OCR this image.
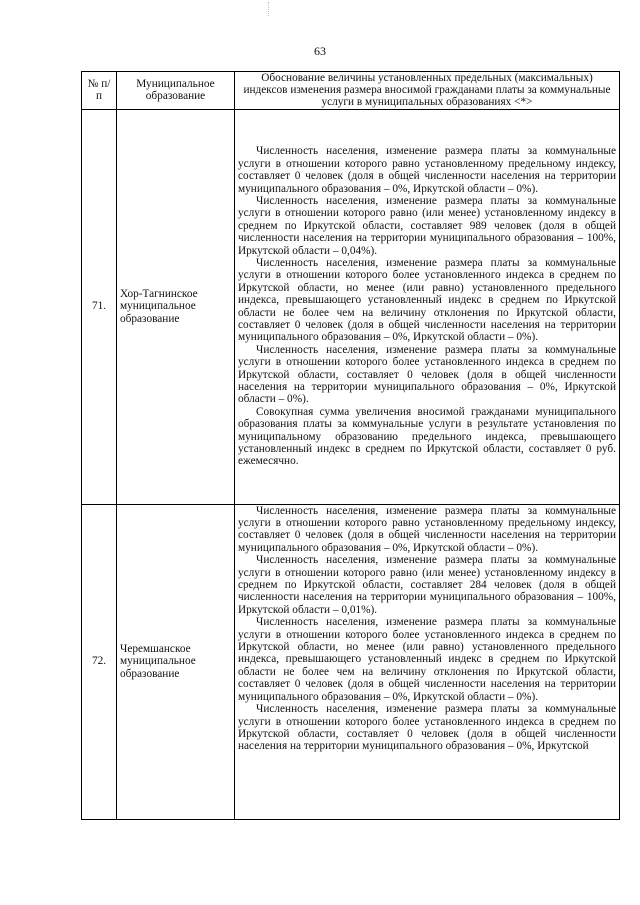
63
№ п/п	Муниципальное образование	Обоснование величины установленных предельных (максимальных) индексов изменения размера вносимой гражданами платы за коммунальные услуги в муниципальных образованиях <*>
71.	Хор-Тагнинское муниципальное образование	Численность населения, изменение размера платы за коммунальные услуги в отношении которого равно установленному предельному индексу, составляет 0 человек (доля в общей численности населения на территории муниципального образования – 0%, Иркутской области – 0%).

Численность населения, изменение размера платы за коммунальные услуги в отношении которого равно (или менее) установленному индексу в среднем по Иркутской области, составляет 989 человек (доля в общей численности населения на территории муниципального образования – 100%, Иркутской области – 0,04%).

Численность населения, изменение размера платы за коммунальные услуги в отношении которого более установленного индекса в среднем по Иркутской области, но менее (или равно) установленного предельного индекса, превышающего установленный индекс в среднем по Иркутской области не более чем на величину отклонения по Иркутской области, составляет 0 человек (доля в общей численности населения на территории муниципального образования – 0%, Иркутской области – 0%).

Численность населения, изменение размера платы за коммунальные услуги в отношении которого более установленного индекса в среднем по Иркутской области, составляет 0 человек (доля в общей численности населения на территории муниципального образования – 0%, Иркутской области – 0%).

Совокупная сумма увеличения вносимой гражданами муниципального образования платы за коммунальные услуги в результате установления по муниципальному образованию предельного индекса, превышающего установленный индекс в среднем по Иркутской области, составляет 0 руб. ежемесячно.

72.	Черемшанское муниципальное образование	Численность населения, изменение размера платы за коммунальные услуги в отношении которого равно установленному предельному индексу, составляет 0 человек (доля в общей численности населения на территории муниципального образования – 0%, Иркутской области – 0%).

Численность населения, изменение размера платы за коммунальные услуги в отношении которого равно (или менее) установленному индексу в среднем по Иркутской области, составляет 284 человек (доля в общей численности населения на территории муниципального образования – 100%, Иркутской области – 0,01%).

Численность населения, изменение размера платы за коммунальные услуги в отношении которого более установленного индекса в среднем по Иркутской области, но менее (или равно) установленного предельного индекса, превышающего установленный индекс в среднем по Иркутской области не более чем на величину отклонения по Иркутской области, составляет 0 человек (доля в общей численности населения на территории муниципального образования – 0%, Иркутской области – 0%).

Численность населения, изменение размера платы за коммунальные услуги в отношении которого более установленного индекса в среднем по Иркутской области, составляет 0 человек (доля в общей численности населения на территории муниципального образования – 0%, Иркутской
